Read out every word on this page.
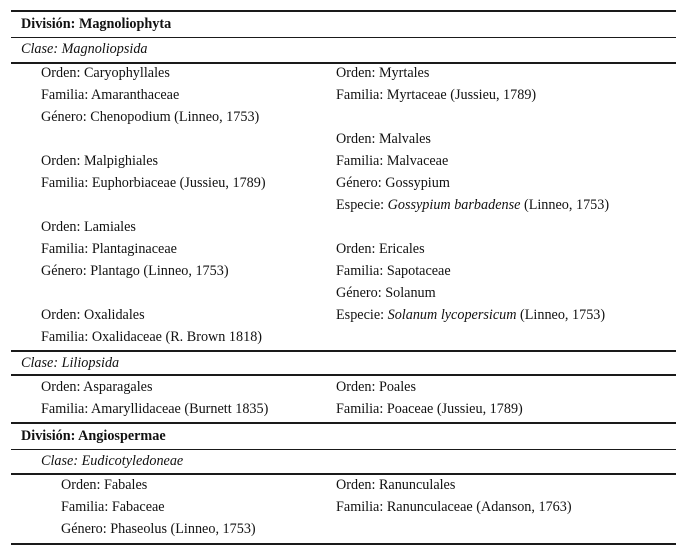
División: Magnoliophyta
Clase: Magnoliopsida
Orden: Caryophyllales
Familia: Amaranthaceae
Género: Chenopodium (Linneo, 1753)
Orden: Malpighiales
Familia: Euphorbiaceae (Jussieu, 1789)
Orden: Lamiales
Familia: Plantaginaceae
Género: Plantago (Linneo, 1753)
Orden: Oxalidales
Familia: Oxalidaceae (R. Brown 1818)
Orden: Myrtales
Familia: Myrtaceae (Jussieu, 1789)
Orden: Malvales
Familia: Malvaceae
Género: Gossypium
Especie: Gossypium barbadense (Linneo, 1753)
Orden: Ericales
Familia: Sapotaceae
Género: Solanum
Especie: Solanum lycopersicum (Linneo, 1753)
Clase: Liliopsida
Orden: Asparagales
Familia: Amaryllidaceae (Burnett 1835)
Orden: Poales
Familia: Poaceae (Jussieu, 1789)
División: Angiospermae
Clase: Eudicotyledoneae
Orden: Fabales
Familia: Fabaceae
Género: Phaseolus (Linneo, 1753)
Orden: Ranunculales
Familia: Ranunculaceae (Adanson, 1763)
